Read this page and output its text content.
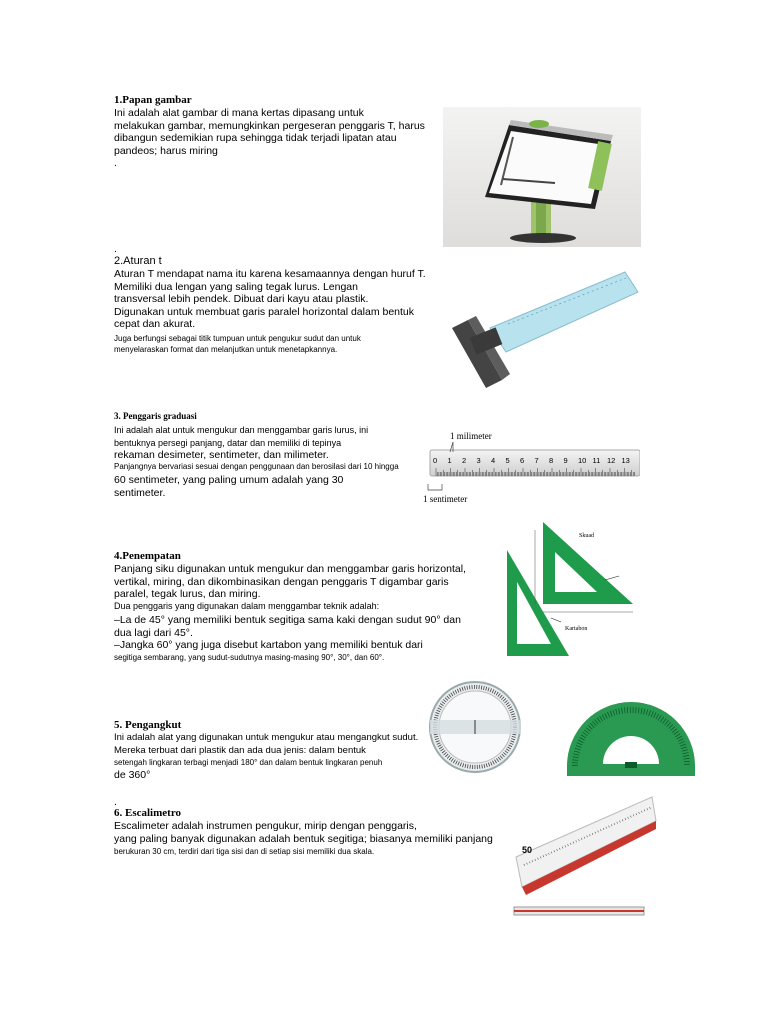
1.Papan gambar
Ini adalah alat gambar di mana kertas dipasang untuk
melakukan gambar, memungkinkan pergeseran penggaris T, harus
dibangun sedemikian rupa sehingga tidak terjadi lipatan atau
pandeos; harus miring
.
.
2.Aturan t
Aturan T mendapat nama itu karena kesamaannya dengan huruf T.
Memiliki dua lengan yang saling tegak lurus. Lengan
transversal lebih pendek. Dibuat dari kayu atau plastik.
Digunakan untuk membuat garis paralel horizontal dalam bentuk
cepat dan akurat.
Juga berfungsi sebagai titik tumpuan untuk pengukur sudut dan untuk
menyelaraskan format dan melanjutkan untuk menetapkannya.
3. Penggaris graduasi
Ini adalah alat untuk mengukur dan menggambar garis lurus, ini
bentuknya persegi panjang, datar dan memiliki di tepinya
rekaman desimeter, sentimeter, dan milimeter.
Panjangnya bervariasi sesuai dengan penggunaan dan berosilasi dari 10 hingga
60 sentimeter, yang paling umum adalah yang 30
sentimeter.
1 milimeter
1 sentimeter
0 1 2 3 4 5 6 7 8 9 10 11 12 13
4.Penempatan
Panjang siku digunakan untuk mengukur dan menggambar garis horizontal,
vertikal, miring, dan dikombinasikan dengan penggaris T digambar garis
paralel, tegak lurus, dan miring.
Dua penggaris yang digunakan dalam menggambar teknik adalah:
–La de 45° yang memiliki bentuk segitiga sama kaki dengan sudut 90° dan
dua lagi dari 45°.
–Jangka 60° yang juga disebut kartabon yang memiliki bentuk dari
segitiga sembarang, yang sudut-sudutnya masing-masing 90°, 30°, dan 60°.
Skuad
Kartabon
5. Pengangkut
Ini adalah alat yang digunakan untuk mengukur atau mengangkut sudut.
Mereka terbuat dari plastik dan ada dua jenis: dalam bentuk
setengah lingkaran terbagi menjadi 180° dan dalam bentuk lingkaran penuh
de 360°
.
6. Escalimetro
Escalimeter adalah instrumen pengukur, mirip dengan penggaris,
yang paling banyak digunakan adalah bentuk segitiga; biasanya memiliki panjang
berukuran 30 cm, terdiri dari tiga sisi dan di setiap sisi memiliki dua skala.	50
